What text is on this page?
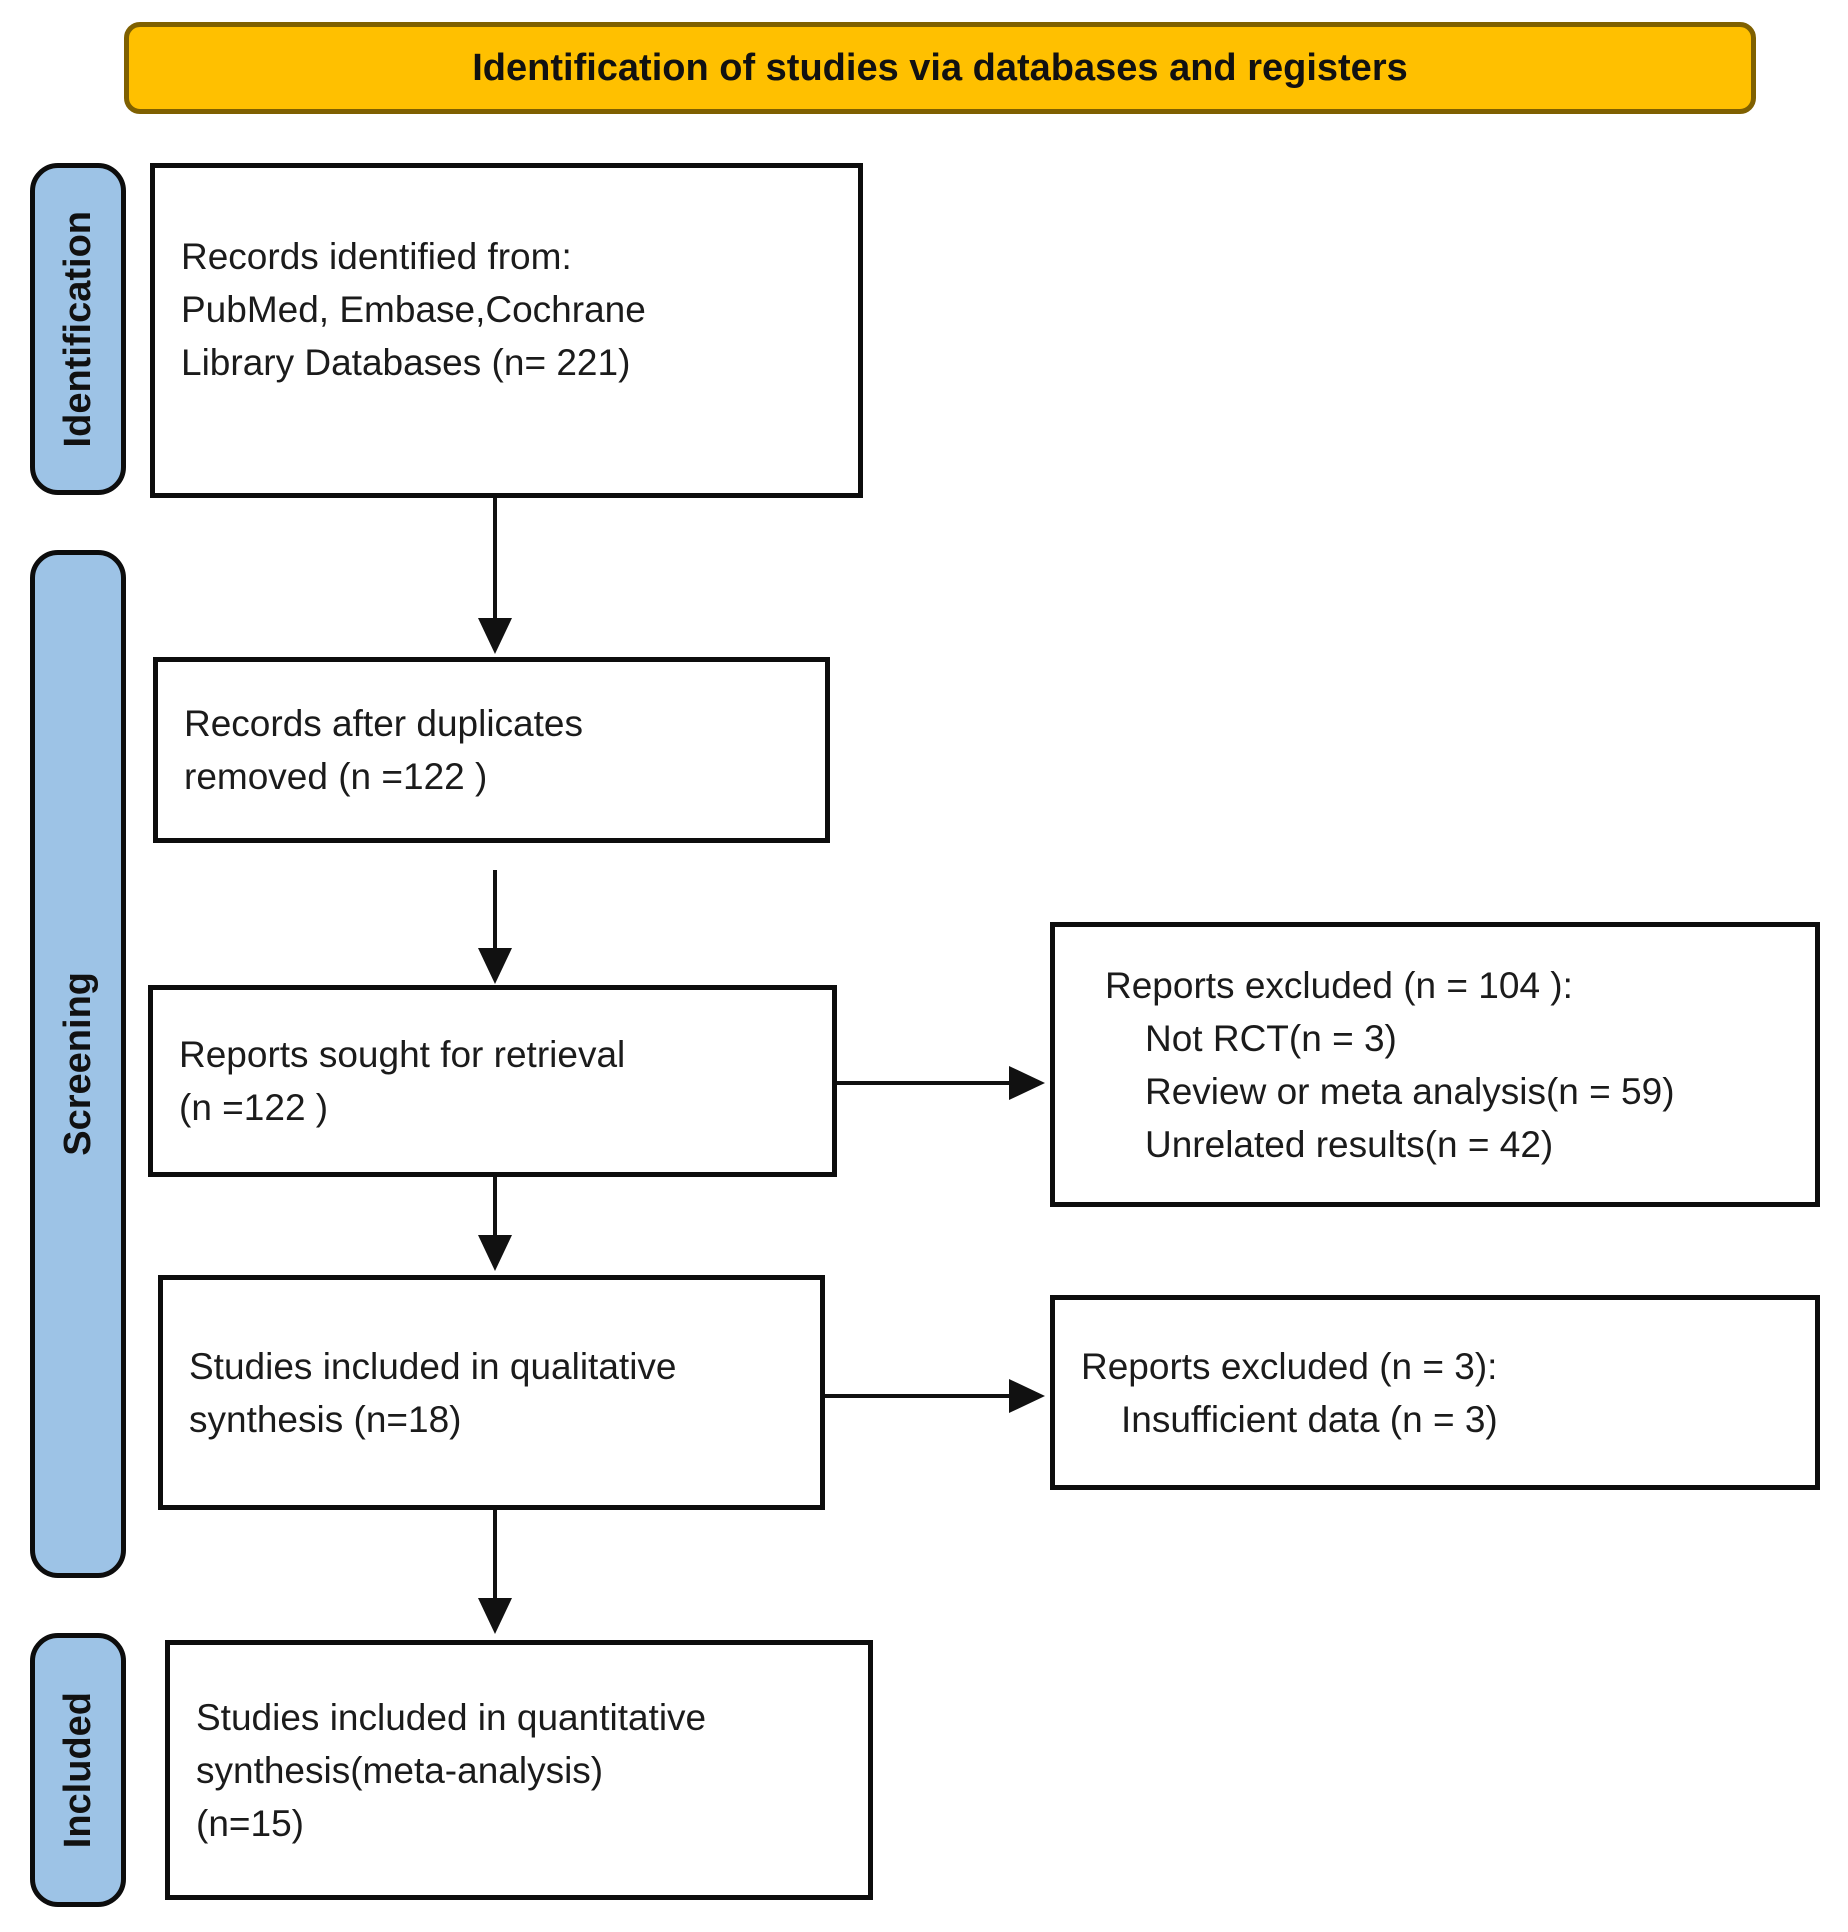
Identification of studies via databases and registers
Identification
Screening
Included
Records identified from:
PubMed, Embase,Cochrane
Library Databases (n= 221)
Records after duplicates
removed (n =122 )
Reports sought for retrieval
(n =122 )
Studies included in qualitative
synthesis (n=18)
Studies included in quantitative
synthesis(meta-analysis)
(n=15)
Reports excluded (n = 104 ):
Not RCT(n = 3)
Review or meta analysis(n = 59)
Unrelated results(n = 42)
Reports excluded (n = 3):
Insufficient data (n = 3)
